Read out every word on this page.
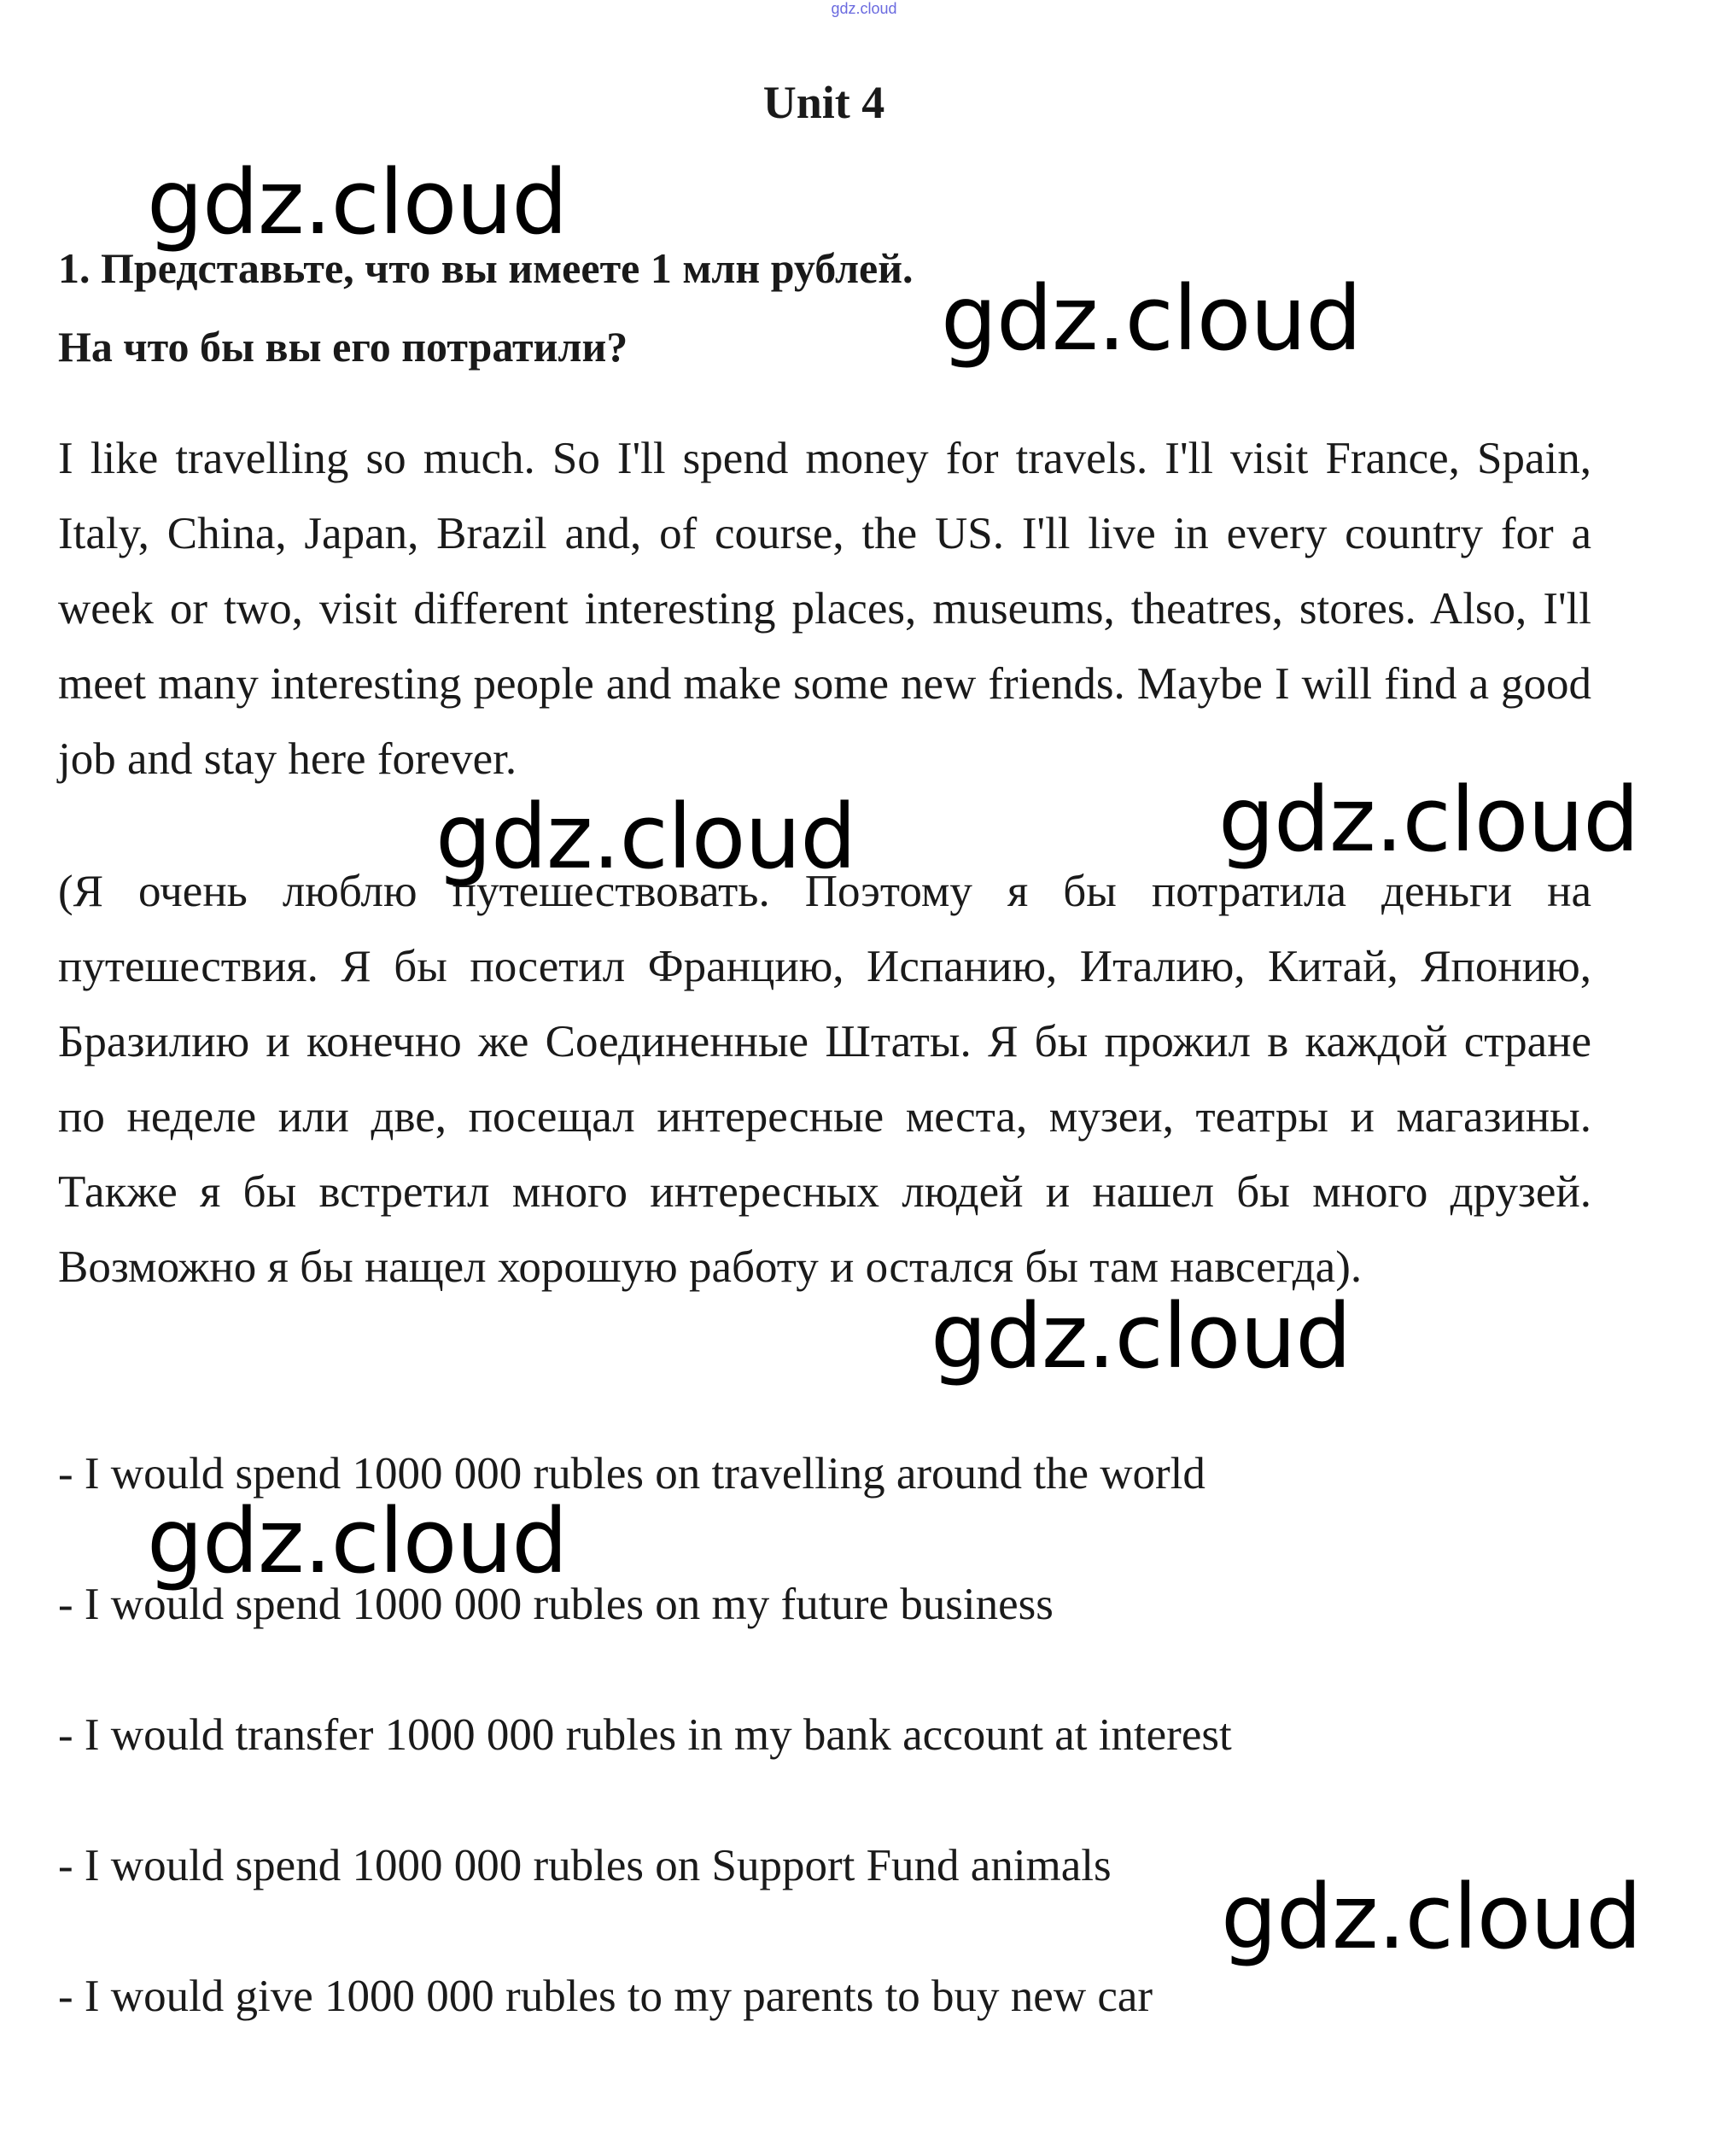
gdz.cloud
Unit 4
1. Представьте, что вы имеете 1 млн рублей.
На что бы вы его потратили?

I like travelling so much. So I'll spend money for travels. I'll visit France, Spain, Italy, China, Japan, Brazil and, of course, the US. I'll live in every country for a week or two, visit different interesting places, museums, theatres, stores. Also, I'll meet many interesting people and make some new friends. Maybe I will find a good job and stay here forever.

(Я очень люблю путешествовать. Поэтому я бы потратила деньги на путешествия. Я бы посетил Францию, Испанию, Италию, Китай, Японию, Бразилию и конечно же Соединенные Штаты. Я бы прожил в каждой стране по неделе или две, посещал интересные места, музеи, театры и магазины. Также я бы встретил много интересных людей и нашел бы много друзей. Возможно я бы нащел хорошую работу и остался бы там навсегда).

- I would spend 1000 000 rubles on travelling around the world

- I would spend 1000 000 rubles on my future business

- I would transfer 1000 000 rubles in my bank account at interest

- I would spend 1000 000 rubles on Support Fund animals

- I would give 1000 000 rubles to my parents to buy new car

gdz.cloud
gdz.cloud
gdz.cloud	gdz.cloud
gdz.cloud
gdz.cloud
gdz.cloud
